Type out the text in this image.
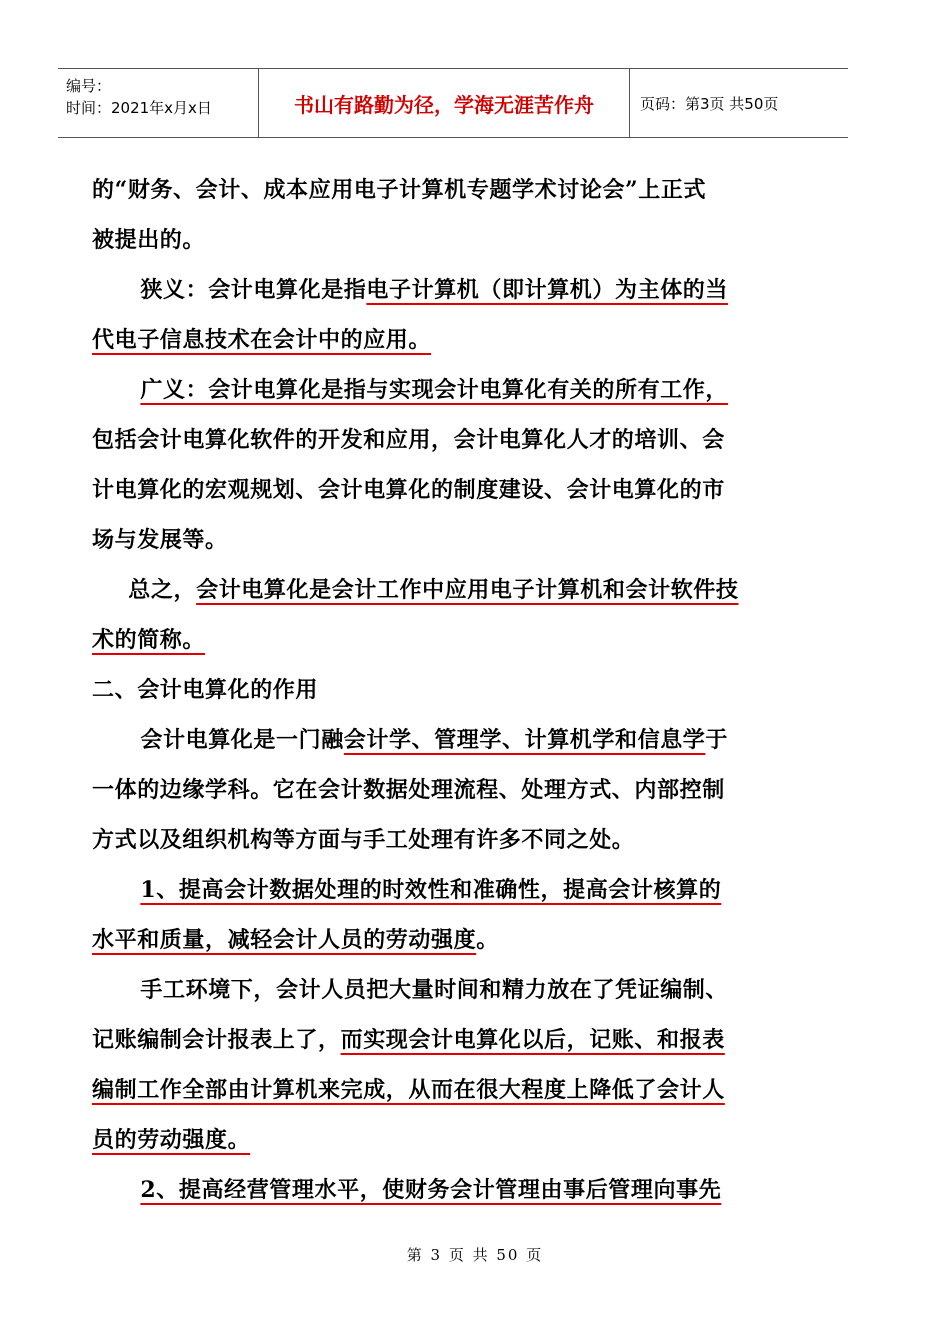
编号：
时间：2021年x月x日	书山有路勤为径，学海无涯苦作舟	页码：第3页 共50页
的“财务、会计、成本应用电子计算机专题学术讨论会”上正式
被提出的。
狭义：会计电算化是指电子计算机（即计算机）为主体的当
代电子信息技术在会计中的应用。
广义：会计电算化是指与实现会计电算化有关的所有工作，
包括会计电算化软件的开发和应用，会计电算化人才的培训、会
计电算化的宏观规划、会计电算化的制度建设、会计电算化的市
场与发展等。
总之，会计电算化是会计工作中应用电子计算机和会计软件技
术的简称。
二、会计电算化的作用
会计电算化是一门融会计学、管理学、计算机学和信息学于
一体的边缘学科。它在会计数据处理流程、处理方式、内部控制
方式以及组织机构等方面与手工处理有许多不同之处。
1、提高会计数据处理的时效性和准确性，提高会计核算的
水平和质量，减轻会计人员的劳动强度。
手工环境下，会计人员把大量时间和精力放在了凭证编制、
记账编制会计报表上了，而实现会计电算化以后，记账、和报表
编制工作全部由计算机来完成，从而在很大程度上降低了会计人
员的劳动强度。
2、提高经营管理水平，使财务会计管理由事后管理向事先
第 3 页 共 50 页
